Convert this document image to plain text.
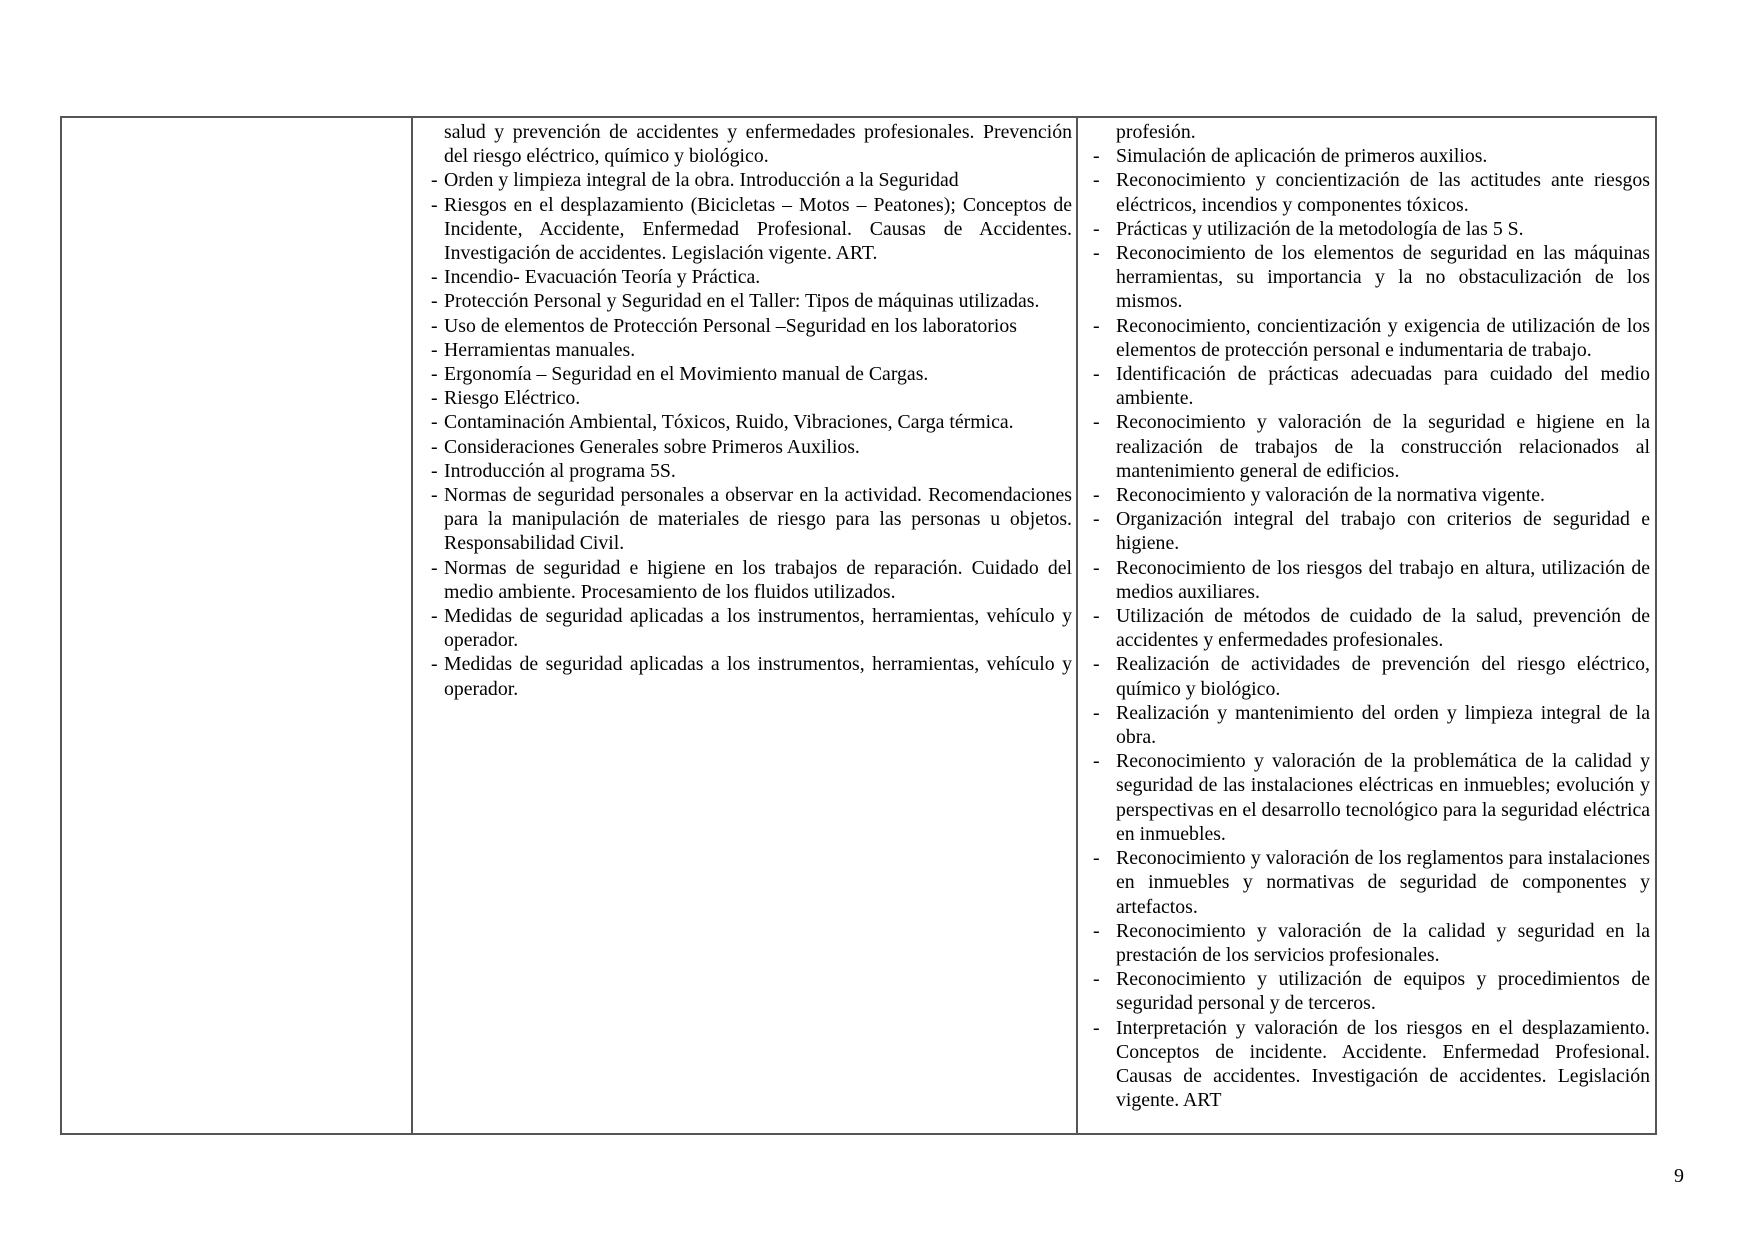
salud y prevención de accidentes y enfermedades profesionales. Prevención del riesgo eléctrico, químico y biológico.

- Orden y limpieza integral de la obra. Introducción a la Seguridad

- Riesgos en el desplazamiento (Bicicletas – Motos – Peatones); Conceptos de Incidente, Accidente, Enfermedad Profesional. Causas de Accidentes. Investigación de accidentes. Legislación vigente. ART.

- Incendio- Evacuación Teoría y Práctica.

- Protección Personal y Seguridad en el Taller: Tipos de máquinas utilizadas.

- Uso de elementos de Protección Personal –Seguridad en los laboratorios

- Herramientas manuales.

- Ergonomía – Seguridad en el Movimiento manual de Cargas.

- Riesgo Eléctrico.

- Contaminación Ambiental, Tóxicos, Ruido, Vibraciones, Carga térmica.

- Consideraciones Generales sobre Primeros Auxilios.

- Introducción al programa 5S.

- Normas de seguridad personales a observar en la actividad. Recomendaciones para la manipulación de materiales de riesgo para las personas u objetos. Responsabilidad Civil.

- Normas de seguridad e higiene en los trabajos de reparación. Cuidado del medio ambiente. Procesamiento de los fluidos utilizados.

- Medidas de seguridad aplicadas a los instrumentos, herramientas, vehículo y operador.

- Medidas de seguridad aplicadas a los instrumentos, herramientas, vehículo y operador.

profesión.

- Simulación de aplicación de primeros auxilios.

- Reconocimiento y concientización de las actitudes ante riesgos eléctricos, incendios y componentes tóxicos.

- Prácticas y utilización de la metodología de las 5 S.

- Reconocimiento de los elementos de seguridad en las máquinas herramientas, su importancia y la no obstaculización de los mismos.

- Reconocimiento, concientización y exigencia de utilización de los elementos de protección personal e indumentaria de trabajo.

- Identificación de prácticas adecuadas para cuidado del medio ambiente.

- Reconocimiento y valoración de la seguridad e higiene en la realización de trabajos de la construcción relacionados al mantenimiento general de edificios.

- Reconocimiento y valoración de la normativa vigente.

- Organización integral del trabajo con criterios de seguridad e higiene.

- Reconocimiento de los riesgos del trabajo en altura, utilización de medios auxiliares.

- Utilización de métodos de cuidado de la salud, prevención de accidentes y enfermedades profesionales.

- Realización de actividades de prevención del riesgo eléctrico, químico y biológico.

- Realización y mantenimiento del orden y limpieza integral de la obra.

- Reconocimiento y valoración de la problemática de la calidad y seguridad de las instalaciones eléctricas en inmuebles; evolución y perspectivas en el desarrollo tecnológico para la seguridad eléctrica en inmuebles.

- Reconocimiento y valoración de los reglamentos para instalaciones en inmuebles y normativas de seguridad de componentes y artefactos.

- Reconocimiento y valoración de la calidad y seguridad en la prestación de los servicios profesionales.

- Reconocimiento y utilización de equipos y procedimientos de seguridad personal y de terceros.

- Interpretación y valoración de los riesgos en el desplazamiento. Conceptos de incidente. Accidente. Enfermedad Profesional. Causas de accidentes. Investigación de accidentes. Legislación vigente. ART

9
